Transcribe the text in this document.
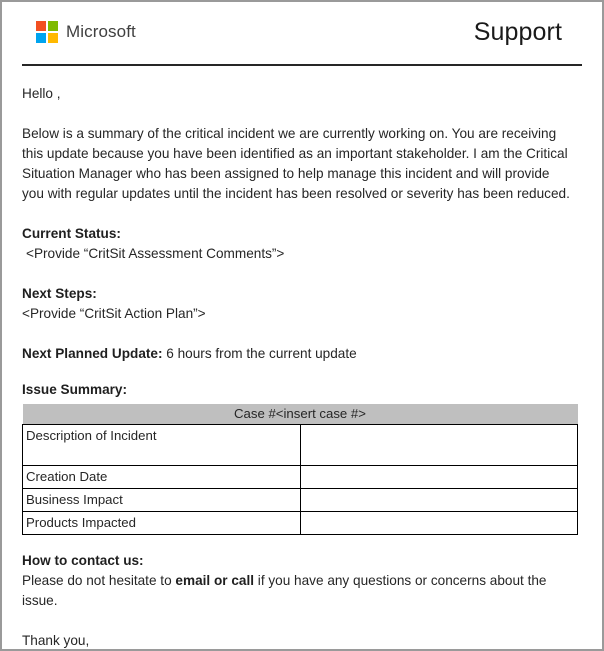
Microsoft	Support

Hello ,

Below is a summary of the critical incident we are currently working on. You are receiving this update because you have been identified as an important stakeholder. I am the Critical Situation Manager who has been assigned to help manage this incident and will provide you with regular updates until the incident has been resolved or severity has been reduced.

Current Status:

<Provide “CritSit Assessment Comments”>

Next Steps:

<Provide “CritSit Action Plan”>

Next Planned Update: 6 hours from the current update

Issue Summary:

Case #<insert case #>	
Description of Incident	
Creation Date	
Business Impact	
Products Impacted	

How to contact us:

Please do not hesitate to email or call if you have any questions or concerns about the issue.

Thank you,
